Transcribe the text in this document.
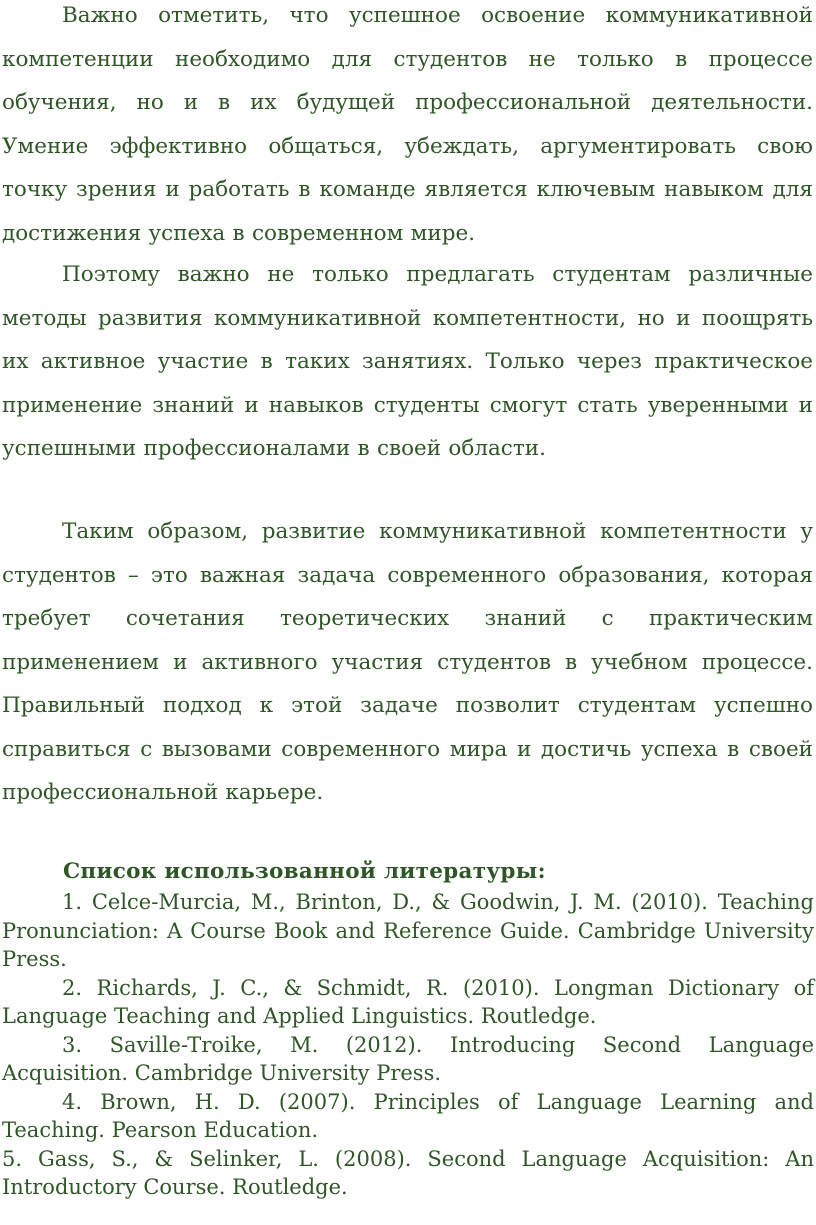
Важно отметить, что успешное освоение коммуникативной компетенции необходимо для студентов не только в процессе обучения, но и в их будущей профессиональной деятельности. Умение эффективно общаться, убеждать, аргументировать свою точку зрения и работать в команде является ключевым навыком для достижения успеха в современном мире.

Поэтому важно не только предлагать студентам различные методы развития коммуникативной компетентности, но и поощрять их активное участие в таких занятиях. Только через практическое применение знаний и навыков студенты смогут стать уверенными и успешными профессионалами в своей области.

Таким образом, развитие коммуникативной компетентности у студентов – это важная задача современного образования, которая требует сочетания теоретических знаний с практическим применением и активного участия студентов в учебном процессе. Правильный подход к этой задаче позволит студентам успешно справиться с вызовами современного мира и достичь успеха в своей профессиональной карьере.

Список использованной литературы:
1. Celce-Murcia, M., Brinton, D., & Goodwin, J. M. (2010). Teaching Pronunciation: A Course Book and Reference Guide. Cambridge University Press.
2. Richards, J. C., & Schmidt, R. (2010). Longman Dictionary of Language Teaching and Applied Linguistics. Routledge.
3. Saville-Troike, M. (2012). Introducing Second Language Acquisition. Cambridge University Press.
4. Brown, H. D. (2007). Principles of Language Learning and Teaching. Pearson Education.
5. Gass, S., & Selinker, L. (2008). Second Language Acquisition: An Introductory Course. Routledge.
